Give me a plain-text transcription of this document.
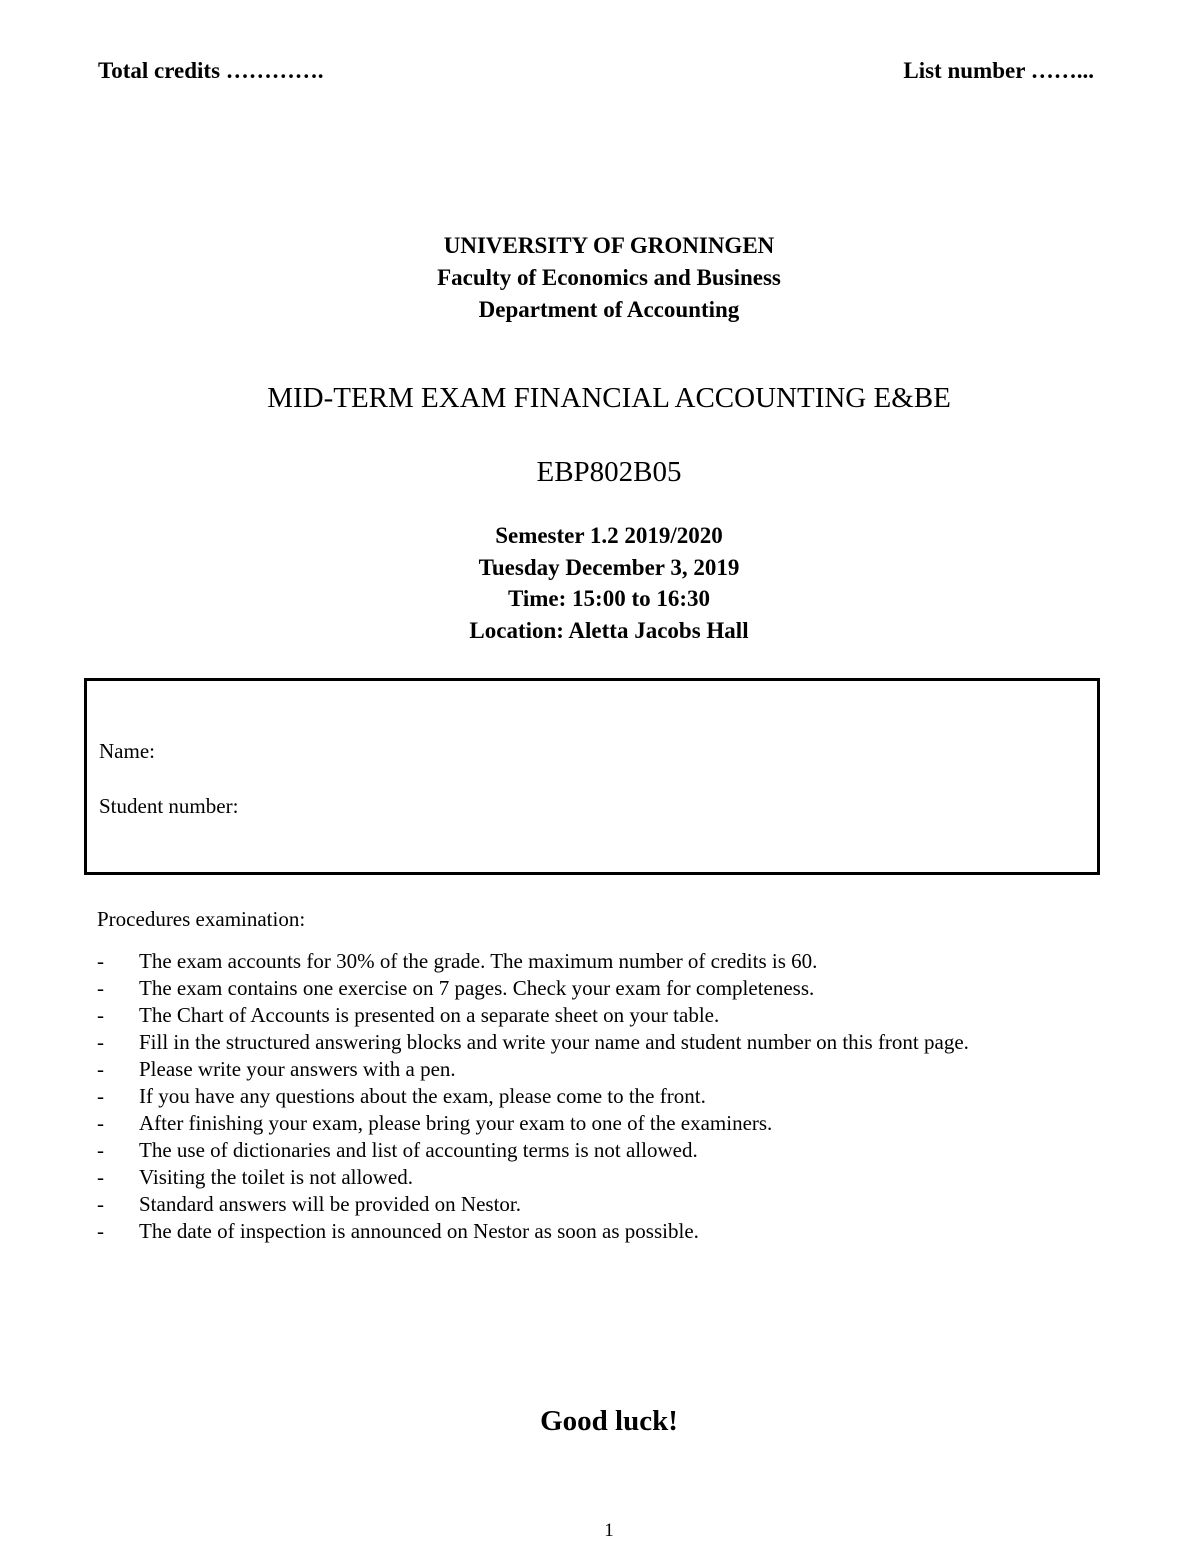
Total credits ………….	List number ……...
UNIVERSITY OF GRONINGEN
Faculty of Economics and Business
Department of Accounting
MID-TERM EXAM FINANCIAL ACCOUNTING E&BE
EBP802B05
Semester 1.2 2019/2020
Tuesday December 3, 2019
Time: 15:00 to 16:30
Location: Aletta Jacobs Hall
Name:
Student number:
Procedures examination:
- The exam accounts for 30% of the grade. The maximum number of credits is 60.
- The exam contains one exercise on 7 pages. Check your exam for completeness.
- The Chart of Accounts is presented on a separate sheet on your table.
- Fill in the structured answering blocks and write your name and student number on this front page.
- Please write your answers with a pen.
- If you have any questions about the exam, please come to the front.
- After finishing your exam, please bring your exam to one of the examiners.
- The use of dictionaries and list of accounting terms is not allowed.
- Visiting the toilet is not allowed.
- Standard answers will be provided on Nestor.
- The date of inspection is announced on Nestor as soon as possible.
Good luck!
1
